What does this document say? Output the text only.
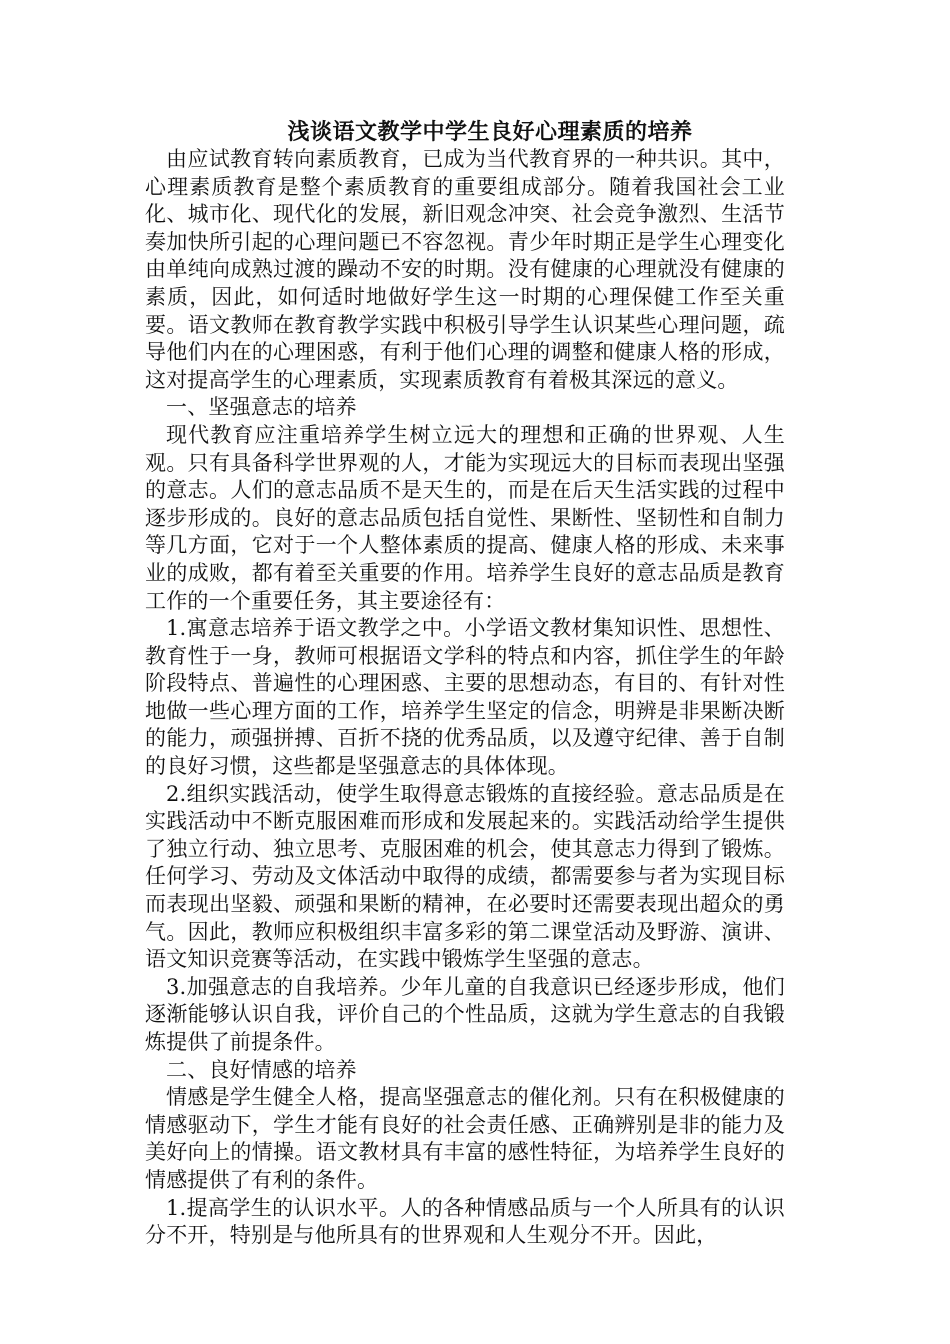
浅谈语文教学中学生良好心理素质的培养

由应试教育转向素质教育，已成为当代教育界的一种共识。其中，心理素质教育是整个素质教育的重要组成部分。随着我国社会工业化、城市化、现代化的发展，新旧观念冲突、社会竞争激烈、生活节奏加快所引起的心理问题已不容忽视。青少年时期正是学生心理变化由单纯向成熟过渡的躁动不安的时期。没有健康的心理就没有健康的素质，因此，如何适时地做好学生这一时期的心理保健工作至关重要。语文教师在教育教学实践中积极引导学生认识某些心理问题，疏导他们内在的心理困惑，有利于他们心理的调整和健康人格的形成，这对提高学生的心理素质，实现素质教育有着极其深远的意义。

一、坚强意志的培养

现代教育应注重培养学生树立远大的理想和正确的世界观、人生观。只有具备科学世界观的人，才能为实现远大的目标而表现出坚强的意志。人们的意志品质不是天生的，而是在后天生活实践的过程中逐步形成的。良好的意志品质包括自觉性、果断性、坚韧性和自制力等几方面，它对于一个人整体素质的提高、健康人格的形成、未来事业的成败，都有着至关重要的作用。培养学生良好的意志品质是教育工作的一个重要任务，其主要途径有：

1.寓意志培养于语文教学之中。小学语文教材集知识性、思想性、教育性于一身，教师可根据语文学科的特点和内容，抓住学生的年龄阶段特点、普遍性的心理困惑、主要的思想动态，有目的、有针对性地做一些心理方面的工作，培养学生坚定的信念，明辨是非果断决断的能力，顽强拼搏、百折不挠的优秀品质，以及遵守纪律、善于自制的良好习惯，这些都是坚强意志的具体体现。

2.组织实践活动，使学生取得意志锻炼的直接经验。意志品质是在实践活动中不断克服困难而形成和发展起来的。实践活动给学生提供了独立行动、独立思考、克服困难的机会，使其意志力得到了锻炼。任何学习、劳动及文体活动中取得的成绩，都需要参与者为实现目标而表现出坚毅、顽强和果断的精神，在必要时还需要表现出超众的勇气。因此，教师应积极组织丰富多彩的第二课堂活动及野游、演讲、语文知识竞赛等活动，在实践中锻炼学生坚强的意志。

3.加强意志的自我培养。少年儿童的自我意识已经逐步形成，他们逐渐能够认识自我，评价自己的个性品质，这就为学生意志的自我锻炼提供了前提条件。

二、良好情感的培养

情感是学生健全人格，提高坚强意志的催化剂。只有在积极健康的情感驱动下，学生才能有良好的社会责任感、正确辨别是非的能力及美好向上的情操。语文教材具有丰富的感性特征，为培养学生良好的情感提供了有利的条件。

1.提高学生的认识水平。人的各种情感品质与一个人所具有的认识分不开，特别是与他所具有的世界观和人生观分不开。因此，
